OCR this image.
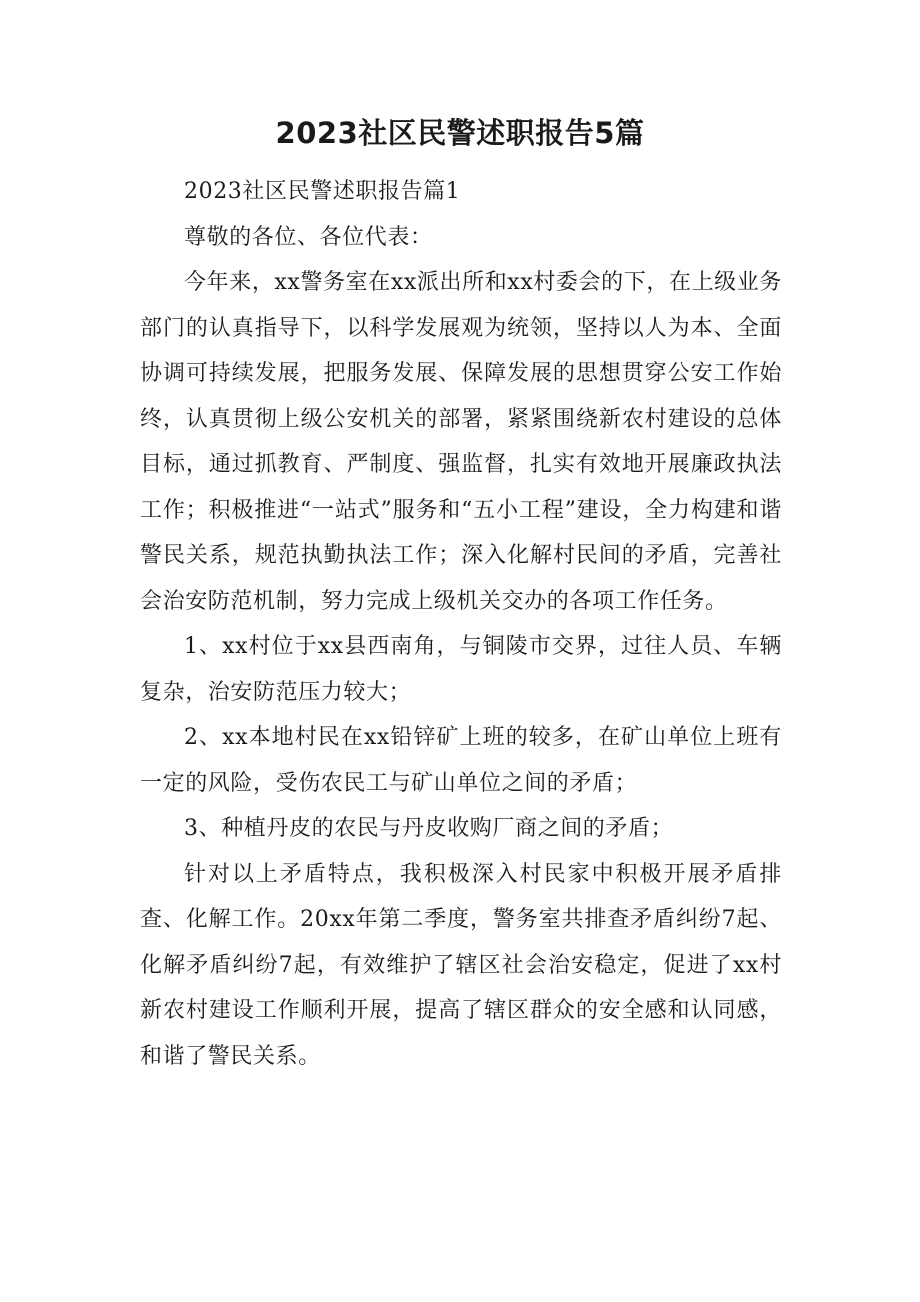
2023社区民警述职报告5篇

2023社区民警述职报告篇1

尊敬的各位、各位代表：

今年来，xx警务室在xx派出所和xx村委会的下，在上级业务部门的认真指导下，以科学发展观为统领，坚持以人为本、全面协调可持续发展，把服务发展、保障发展的思想贯穿公安工作始终，认真贯彻上级公安机关的部署，紧紧围绕新农村建设的总体目标，通过抓教育、严制度、强监督，扎实有效地开展廉政执法工作；积极推进“一站式”服务和“五小工程”建设，全力构建和谐警民关系，规范执勤执法工作；深入化解村民间的矛盾，完善社会治安防范机制，努力完成上级机关交办的各项工作任务。

1、xx村位于xx县西南角，与铜陵市交界，过往人员、车辆复杂，治安防范压力较大；

2、xx本地村民在xx铅锌矿上班的较多，在矿山单位上班有一定的风险，受伤农民工与矿山单位之间的矛盾；

3、种植丹皮的农民与丹皮收购厂商之间的矛盾；

针对以上矛盾特点，我积极深入村民家中积极开展矛盾排查、化解工作。20xx年第二季度，警务室共排查矛盾纠纷7起、化解矛盾纠纷7起，有效维护了辖区社会治安稳定，促进了xx村新农村建设工作顺利开展，提高了辖区群众的安全感和认同感，和谐了警民关系。
